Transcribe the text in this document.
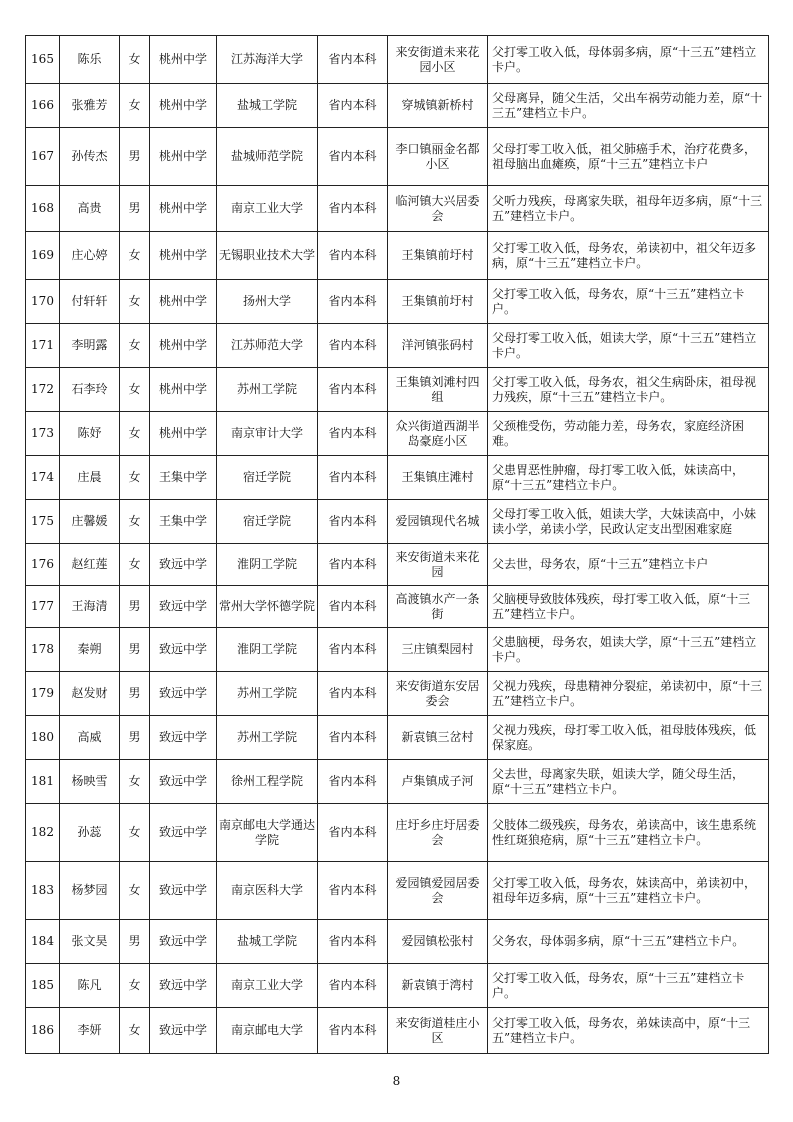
165	陈乐	女	桃州中学	江苏海洋大学	省内本科	来安街道未来花园小区	父打零工收入低，母体弱多病，原“十三五”建档立卡户。
166	张雅芳	女	桃州中学	盐城工学院	省内本科	穿城镇新桥村	父母离异，随父生活，父出车祸劳动能力差，原“十三五”建档立卡户。
167	孙传杰	男	桃州中学	盐城师范学院	省内本科	李口镇丽金名都小区	父母打零工收入低，祖父肺癌手术，治疗花费多，祖母脑出血瘫痪，原“十三五”建档立卡户
168	高贵	男	桃州中学	南京工业大学	省内本科	临河镇大兴居委会	父听力残疾，母离家失联，祖母年迈多病，原“十三五”建档立卡户。
169	庄心婷	女	桃州中学	无锡职业技术大学	省内本科	王集镇前圩村	父打零工收入低，母务农，弟读初中，祖父年迈多病，原“十三五”建档立卡户。
170	付轩轩	女	桃州中学	扬州大学	省内本科	王集镇前圩村	父打零工收入低，母务农，原“十三五”建档立卡户。
171	李明露	女	桃州中学	江苏师范大学	省内本科	洋河镇张码村	父母打零工收入低，姐读大学，原“十三五”建档立卡户。
172	石李玲	女	桃州中学	苏州工学院	省内本科	王集镇刘滩村四组	父打零工收入低，母务农，祖父生病卧床，祖母视力残疾，原“十三五”建档立卡户。
173	陈妤	女	桃州中学	南京审计大学	省内本科	众兴街道西湖半岛豪庭小区	父颈椎受伤，劳动能力差，母务农，家庭经济困难。
174	庄晨	女	王集中学	宿迁学院	省内本科	王集镇庄滩村	父患胃恶性肿瘤，母打零工收入低，妹读高中，原“十三五”建档立卡户。
175	庄馨媛	女	王集中学	宿迁学院	省内本科	爱园镇现代名城	父母打零工收入低，姐读大学，大妹读高中，小妹读小学，弟读小学，民政认定支出型困难家庭
176	赵红莲	女	致远中学	淮阴工学院	省内本科	来安街道未来花园	父去世，母务农，原“十三五”建档立卡户
177	王海清	男	致远中学	常州大学怀德学院	省内本科	高渡镇水产一条街	父脑梗导致肢体残疾，母打零工收入低，原“十三五”建档立卡户。
178	秦朔	男	致远中学	淮阴工学院	省内本科	三庄镇梨园村	父患脑梗，母务农，姐读大学，原“十三五”建档立卡户。
179	赵发财	男	致远中学	苏州工学院	省内本科	来安街道东安居委会	父视力残疾，母患精神分裂症，弟读初中，原“十三五”建档立卡户。
180	高威	男	致远中学	苏州工学院	省内本科	新袁镇三岔村	父视力残疾，母打零工收入低，祖母肢体残疾，低保家庭。
181	杨映雪	女	致远中学	徐州工程学院	省内本科	卢集镇成子河	父去世，母离家失联，姐读大学，随父母生活，原“十三五”建档立卡户。
182	孙蕊	女	致远中学	南京邮电大学通达学院	省内本科	庄圩乡庄圩居委会	父肢体二级残疾，母务农，弟读高中，该生患系统性红斑狼疮病，原“十三五”建档立卡户。
183	杨梦园	女	致远中学	南京医科大学	省内本科	爱园镇爱园居委会	父打零工收入低，母务农，妹读高中，弟读初中，祖母年迈多病，原“十三五”建档立卡户。
184	张文昊	男	致远中学	盐城工学院	省内本科	爱园镇松张村	父务农，母体弱多病，原“十三五”建档立卡户。
185	陈凡	女	致远中学	南京工业大学	省内本科	新袁镇于湾村	父打零工收入低，母务农，原“十三五”建档立卡户。
186	李妍	女	致远中学	南京邮电大学	省内本科	来安街道桂庄小区	父打零工收入低，母务农，弟妹读高中，原“十三五”建档立卡户。
8
